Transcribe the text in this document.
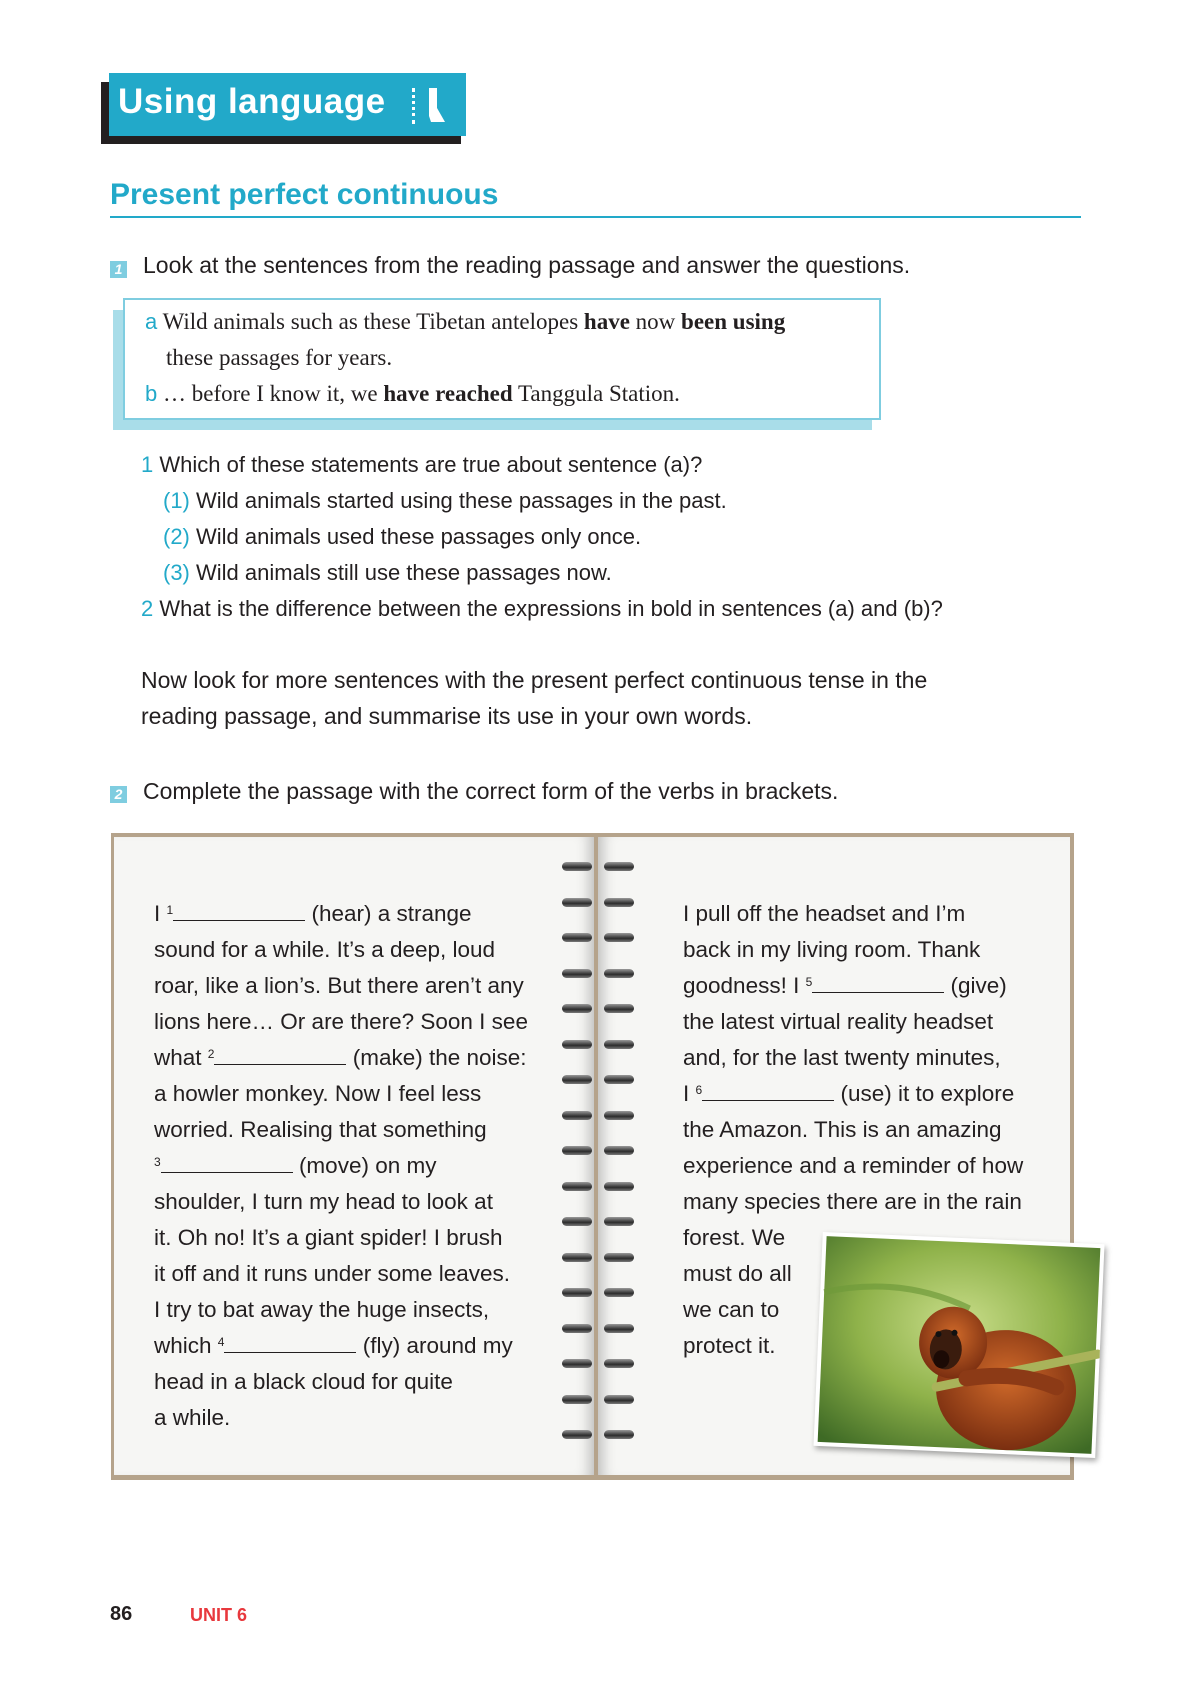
Using language
Present perfect continuous
1 Look at the sentences from the reading passage and answer the questions.
a Wild animals such as these Tibetan antelopes have now been using
these passages for years.
b … before I know it, we have reached Tanggula Station.
1 Which of these statements are true about sentence (a)?
(1) Wild animals started using these passages in the past.
(2) Wild animals used these passages only once.
(3) Wild animals still use these passages now.
2 What is the difference between the expressions in bold in sentences (a) and (b)?
Now look for more sentences with the present perfect continuous tense in the
reading passage, and summarise its use in your own words.
2 Complete the passage with the correct form of the verbs in brackets.
I $^1$	(hear) a strange
sound for a while. It’s a deep, loud
roar, like a lion’s. But there aren’t any
lions here… Or are there? Soon I see
what $^2$	(make) the noise:
a howler monkey. Now I feel less
worried. Realising that something
$^3$	(move) on my
shoulder, I turn my head to look at
it. Oh no! It’s a giant spider! I brush
it off and it runs under some leaves.
I try to bat away the huge insects,
which $^4$	(fly) around my
head in a black cloud for quite
a while.
I pull off the headset and I’m
back in my living room. Thank
goodness! I $^5$	(give)
the latest virtual reality headset
and, for the last twenty minutes,
I $^6$	(use) it to explore
the Amazon. This is an amazing
experience and a reminder of how
many species there are in the rain
forest. We
must do all
we can to
protect it.
86	UNIT 6
